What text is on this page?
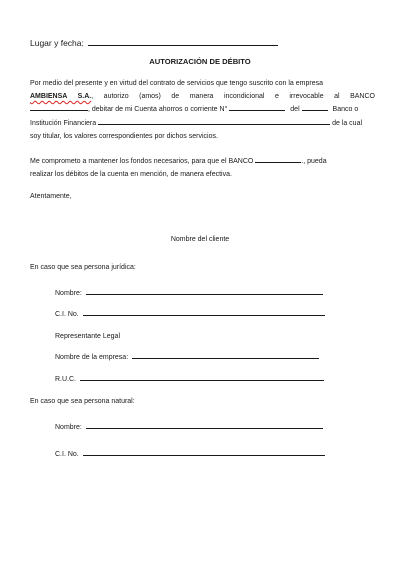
Lugar y fecha:
AUTORIZACIÓN DE DÉBITO
Por medio del presente y en virtud del contrato de servicios que tengo suscrito con la empresa
AMBIENSA S.A., autorizo (amos) de manera incondicional e irrevocable al BANCO
, debitar de mi Cuenta ahorros o corriente N°	del	Banco o
Institución Financiera	de la cual
soy titular, los valores correspondientes por dichos servicios.
Me comprometo a mantener los fondos necesarios, para que el BANCO	., pueda
realizar los débitos de la cuenta en mención, de manera efectiva.
Atentamente,
Nombre del cliente
En caso que sea persona jurídica:
Nombre:
C.I. No.
Representante Legal
Nombre de la empresa:
R.U.C.
En caso que sea persona natural:
Nombre:
C.I. No.
